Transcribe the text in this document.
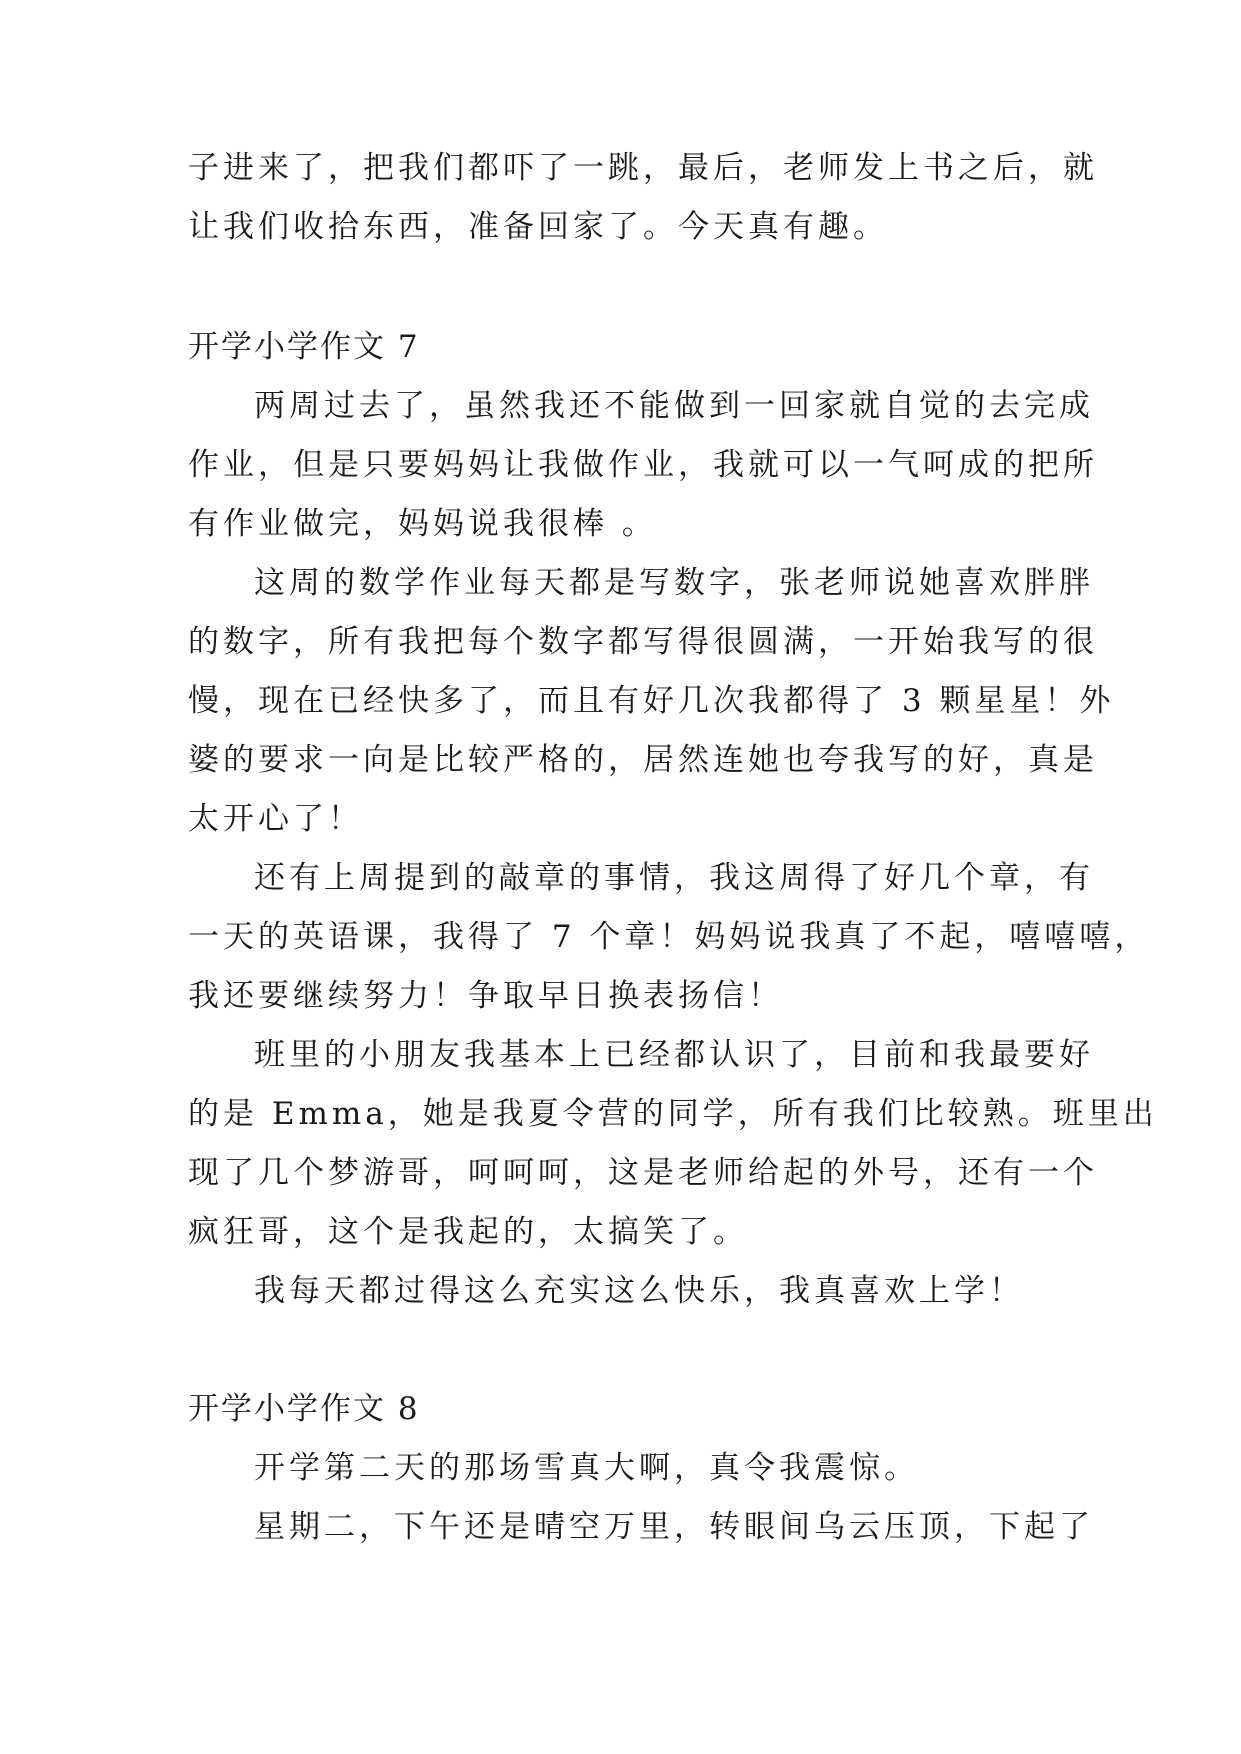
子进来了，把我们都吓了一跳，最后，老师发上书之后，就
让我们收拾东西，准备回家了。今天真有趣。
开学小学作文 7
两周过去了，虽然我还不能做到一回家就自觉的去完成
作业，但是只要妈妈让我做作业，我就可以一气呵成的把所
有作业做完，妈妈说我很棒 。
这周的数学作业每天都是写数字，张老师说她喜欢胖胖
的数字，所有我把每个数字都写得很圆满，一开始我写的很
慢，现在已经快多了，而且有好几次我都得了 3 颗星星！外
婆的要求一向是比较严格的，居然连她也夸我写的好，真是
太开心了！
还有上周提到的敲章的事情，我这周得了好几个章，有
一天的英语课，我得了 7 个章！妈妈说我真了不起，嘻嘻嘻，
我还要继续努力！争取早日换表扬信！
班里的小朋友我基本上已经都认识了，目前和我最要好
的是 Emma，她是我夏令营的同学，所有我们比较熟。班里出
现了几个梦游哥，呵呵呵，这是老师给起的外号，还有一个
疯狂哥，这个是我起的，太搞笑了。
我每天都过得这么充实这么快乐，我真喜欢上学！
开学小学作文 8
开学第二天的那场雪真大啊，真令我震惊。
星期二，下午还是晴空万里，转眼间乌云压顶，下起了
